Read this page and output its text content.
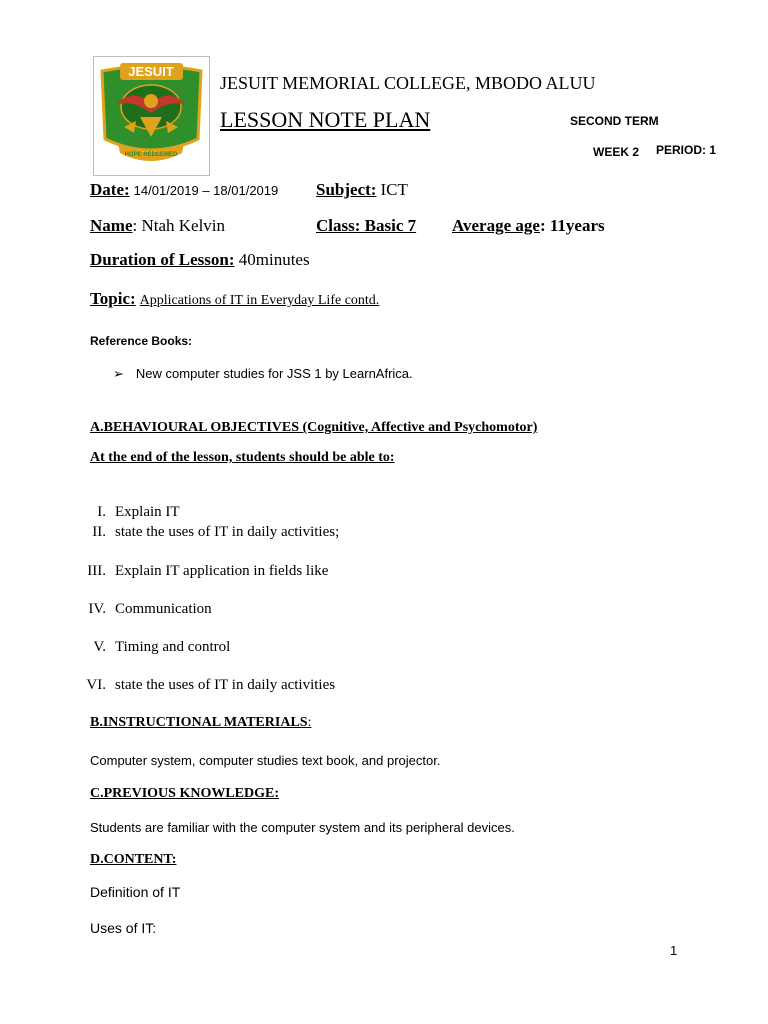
JESUIT
HOPE REDEEMED
JESUIT MEMORIAL COLLEGE, MBODO ALUU
LESSON NOTE PLAN	SECOND TERM
WEEK 2 PERIOD: 1
Date: 14/01/2019 – 18/01/2019 Subject: ICT
Name: Ntah Kelvin	Class: Basic 7 Average age: 11years
Duration of Lesson: 40minutes
Topic: Applications of IT in Everyday Life contd.
Reference Books:
➢ New computer studies for JSS 1 by LearnAfrica.
A.BEHAVIOURAL OBJECTIVES (Cognitive, Affective and Psychomotor)
At the end of the lesson, students should be able to:
I. Explain IT
II. state the uses of IT in daily activities;
III. Explain IT application in fields like
IV. Communication
V. Timing and control
VI. state the uses of IT in daily activities
B.INSTRUCTIONAL MATERIALS:
Computer system, computer studies text book, and projector.
C.PREVIOUS KNOWLEDGE:
Students are familiar with the computer system and its peripheral devices.
D.CONTENT:
Definition of IT
Uses of IT:
1
